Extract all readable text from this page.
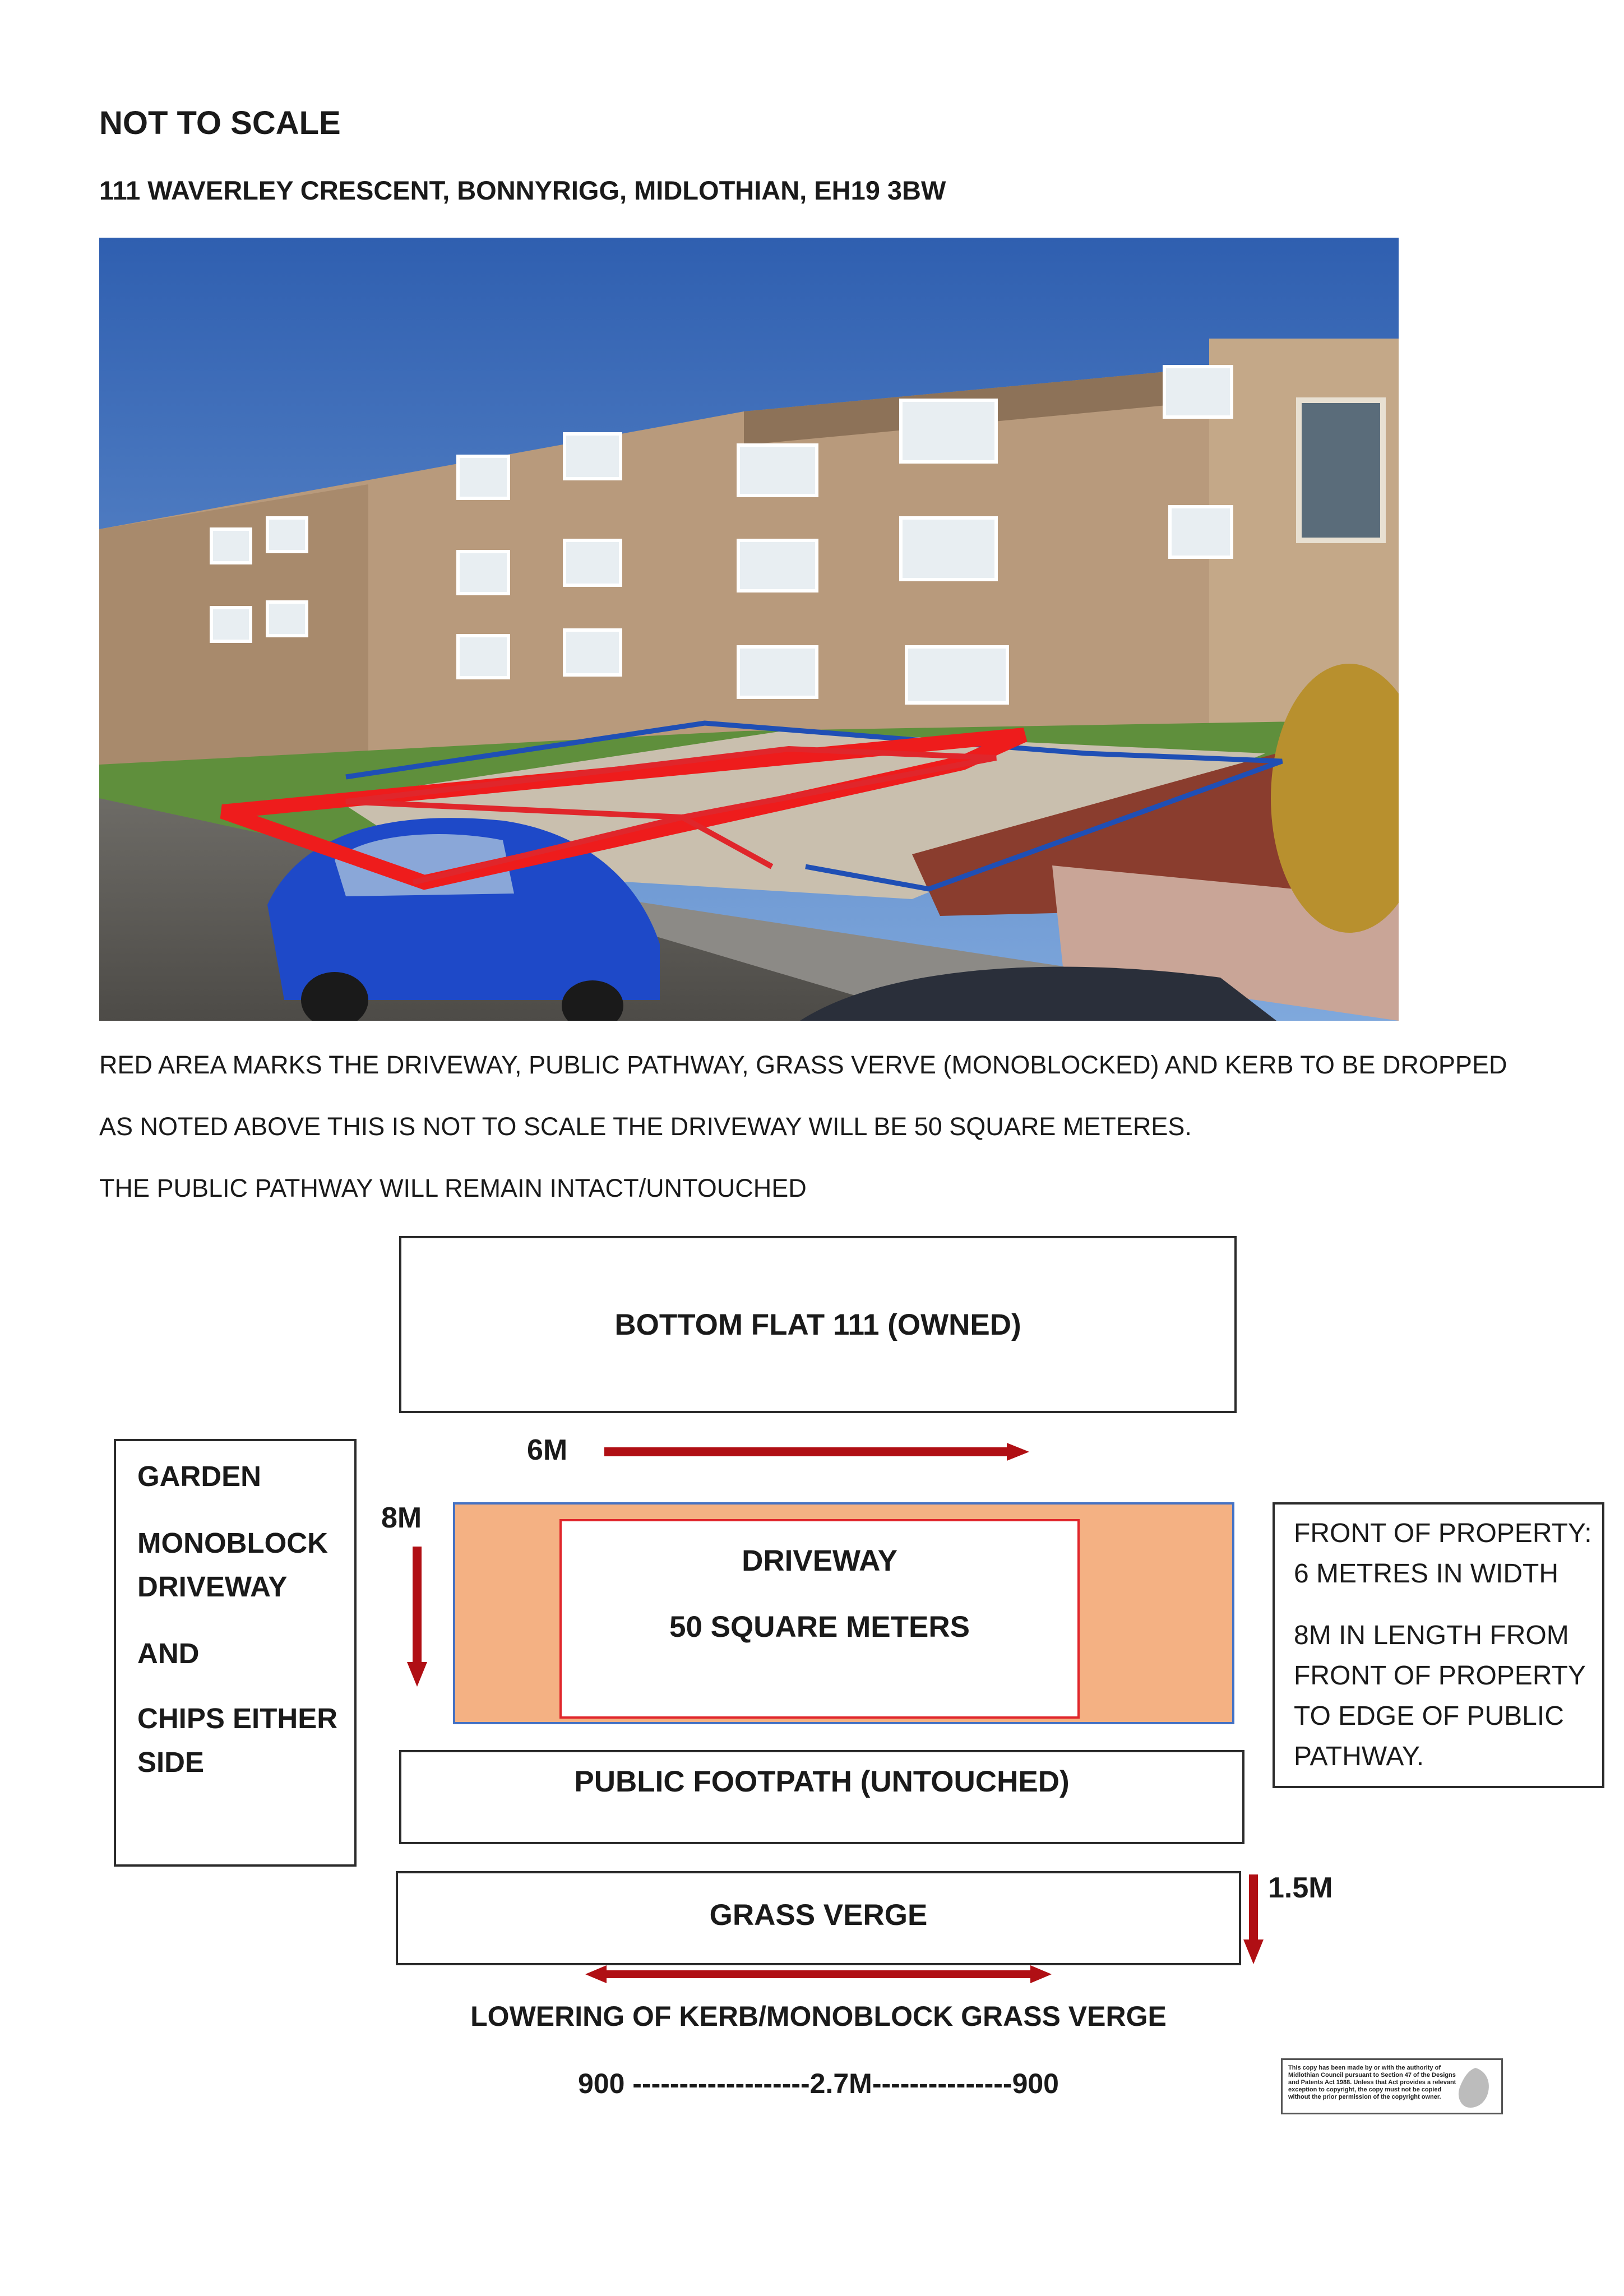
NOT TO SCALE
111 WAVERLEY CRESCENT, BONNYRIGG, MIDLOTHIAN, EH19 3BW
RED AREA MARKS THE DRIVEWAY, PUBLIC PATHWAY, GRASS VERVE (MONOBLOCKED) AND KERB TO BE DROPPED
AS NOTED ABOVE THIS IS NOT TO SCALE THE DRIVEWAY WILL BE 50 SQUARE METERES.
THE PUBLIC PATHWAY WILL REMAIN INTACT/UNTOUCHED
BOTTOM FLAT 111 (OWNED)
6M
8M
GARDEN
MONOBLOCK
DRIVEWAY
AND
CHIPS EITHER
SIDE
DRIVEWAY
50 SQUARE METERS
FRONT OF PROPERTY:
6 METRES IN WIDTH
8M IN LENGTH FROM
FRONT OF PROPERTY
TO EDGE OF PUBLIC
PATHWAY.
PUBLIC FOOTPATH (UNTOUCHED)
GRASS VERGE
1.5M
LOWERING OF KERB/MONOBLOCK GRASS VERGE
900 -------------------2.7M---------------900	This copy has been made by or with the authority of Midlothian Council pursuant to Section 47 of the Designs and Patents Act 1988. Unless that Act provides a relevant exception to copyright, the copy must not be copied without the prior permission of the copyright owner.
